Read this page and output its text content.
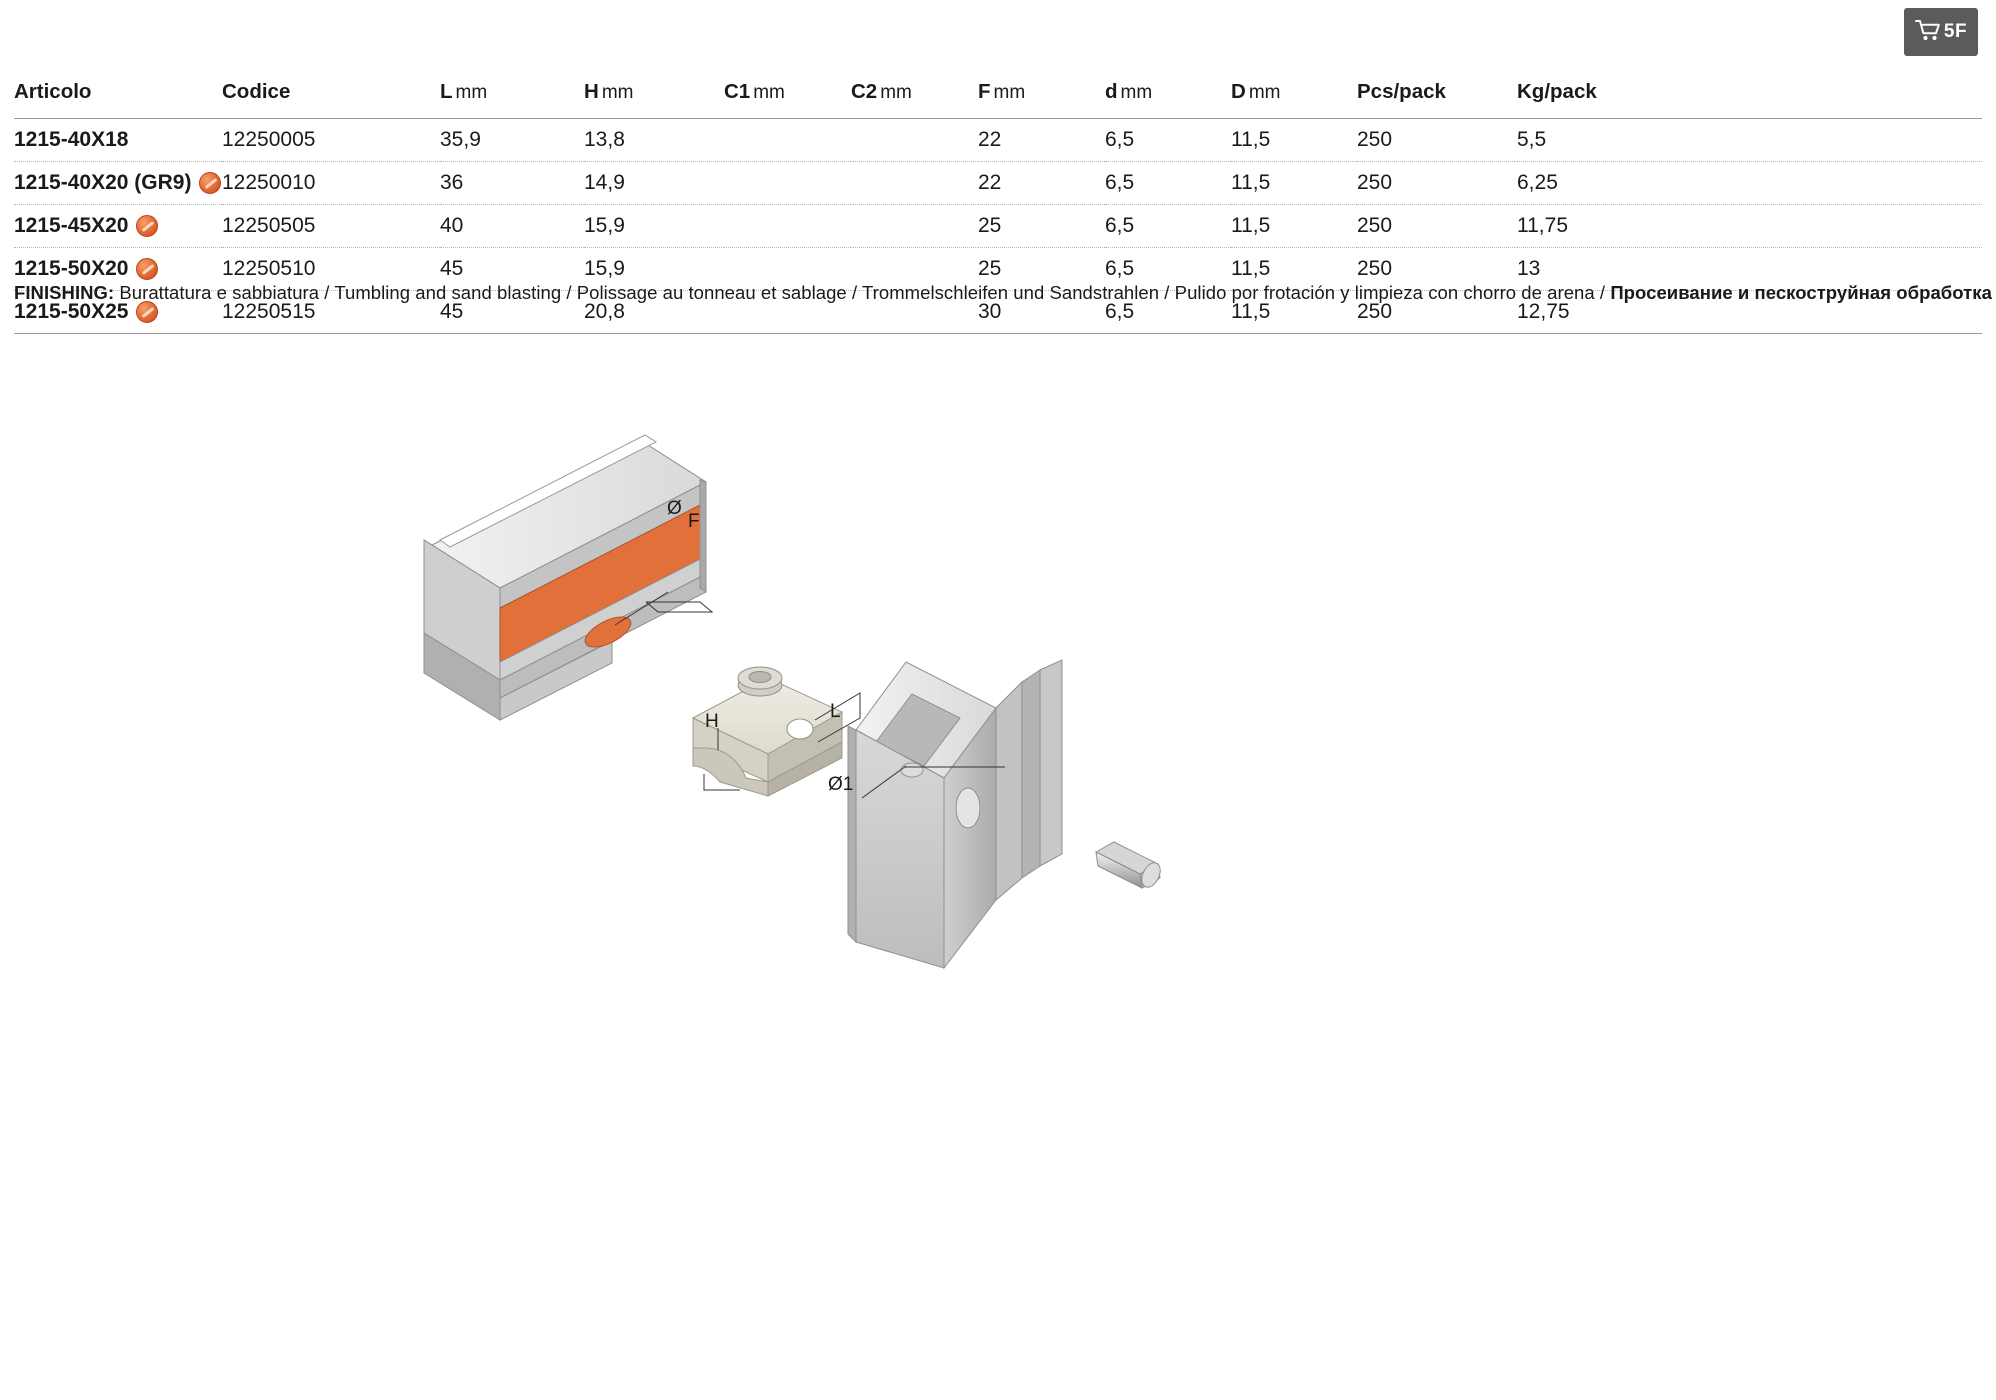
5F
Articolo	Codice	L mm	H mm	C1 mm	C2 mm	F mm	d mm	D mm	Pcs/pack	Kg/pack

1215-40X18	12250005	35,9	13,8			22	6,5	11,5	250	5,5

1215-40X20 (GR9)	12250010	36	14,9			22	6,5	11,5	250	6,25

1215-45X20	12250505	40	15,9			25	6,5	11,5	250	11,75

1215-50X20	12250510	45	15,9			25	6,5	11,5	250	13

1215-50X25	12250515	45	20,8			30	6,5	11,5	250	12,75
FINISHING: Burattatura e sabbiatura / Tumbling and sand blasting / Polissage au tonneau et sablage / Trommelschleifen und Sandstrahlen / Pulido por frotación y limpieza con chorro de arena / Просеивание и пескоструйная обработка
Ø
F
H	L
Ø1
